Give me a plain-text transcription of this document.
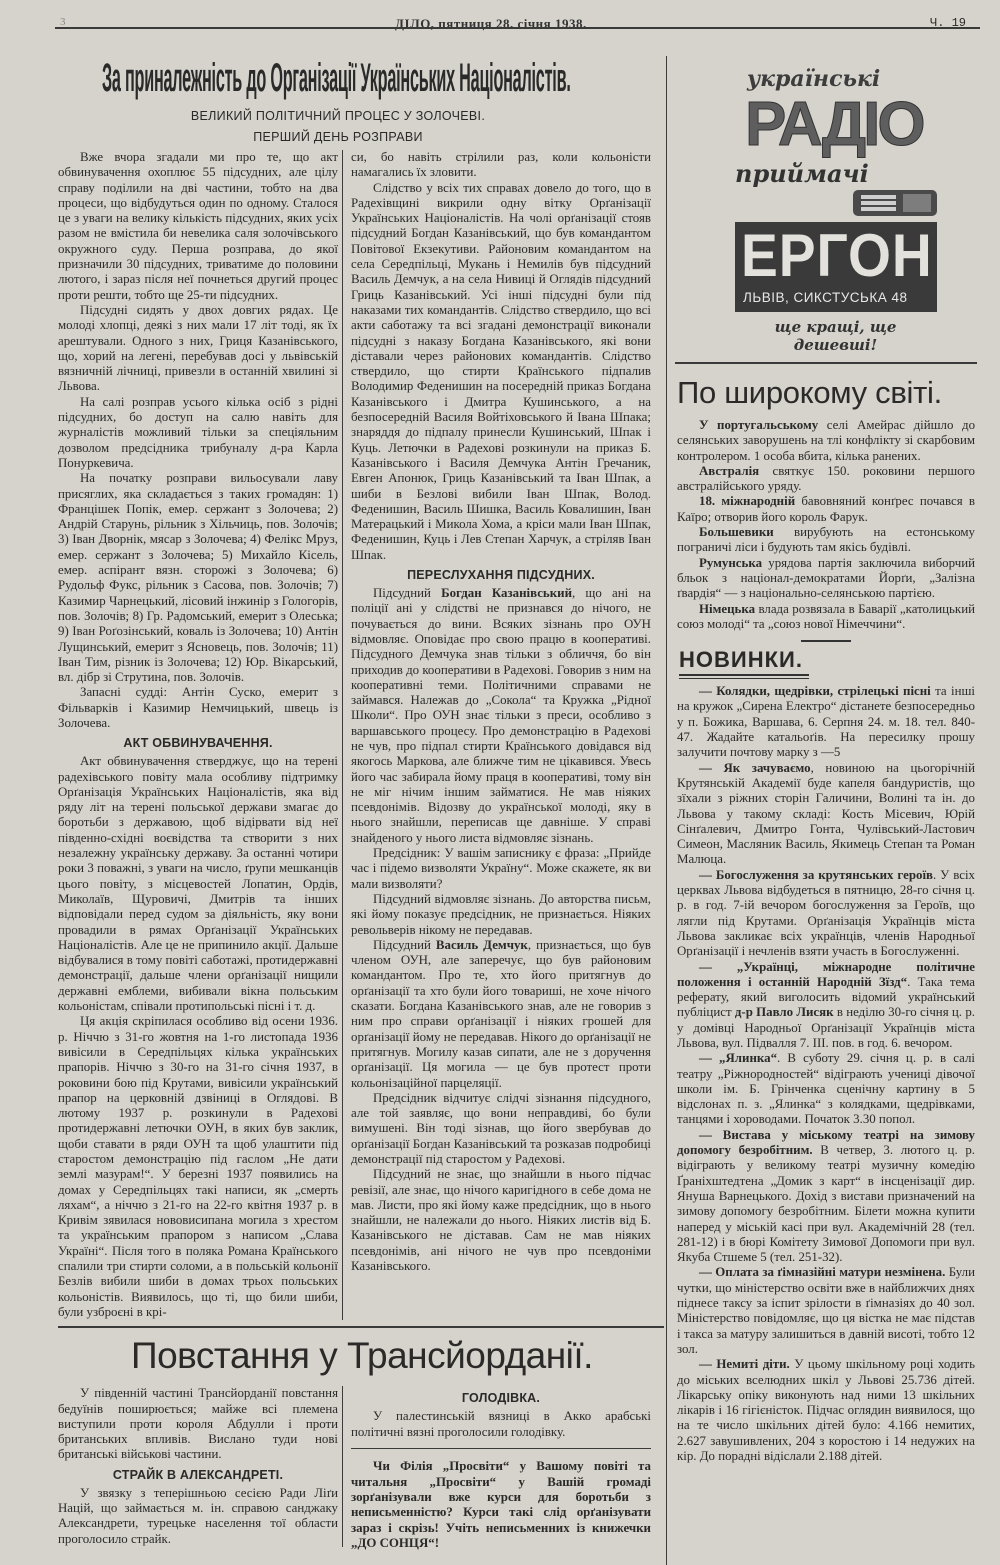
3	ДІЛО, пятниця 28. січня 1938.	Ч. 19
За приналежність до Організації Українських Націоналістів.
ВЕЛИКИЙ ПОЛІТИЧНИЙ ПРОЦЕС У ЗОЛОЧЕВІ.
ПЕРШИЙ ДЕНЬ РОЗПРАВИ

Вже вчора згадали ми про те, що акт обвинувачення охоплює 55 підсудних, але цілу справу поділили на дві частини, тобто на два процеси, що відбудуться один по одному. Сталося це з уваги на велику кількість підсудних, яких усіх разом не вмістила би невелика саля золочівського окружного суду. Перша розправа, до якої призначили 30 підсудних, триватиме до половини лютого, і зараз після неї почнеться другий процес проти решти, тобто ще 25-ти підсудних.

Підсудні сидять у двох довгих рядах. Це молоді хлопці, деякі з них мали 17 літ тоді, як їх арештували. Одного з них, Гриця Казанівського, що, хорий на легені, перебував досі у львівській вязничній лічниці, привезли в останній хвилині зі Львова.

На салі розправ усього кілька осіб з рідні підсудних, бо доступ на салю навіть для журналістів можливий тільки за спеціяльним дозволом предсідника трибуналу д-ра Карла Понуркевича.

На початку розправи вильосували лаву присяглих, яка складається з таких громадян: 1) Францішек Попік, емер. сержант з Золочева; 2) Андрій Старунь, рільник з Хільчиць, пов. Золочів; 3) Іван Дворнік, мясар з Золочева; 4) Фелікс Мруз, емер. сержант з Золочева; 5) Михайло Кісель, емер. аспірант вязн. сторожі з Золочева; 6) Рудольф Фукс, рільник з Сасова, пов. Золочів; 7) Казимир Чарнецький, лісовий інжинір з Гологорів, пов. Золочів; 8) Гр. Радомський, емерит з Олеська; 9) Іван Роґозінський, коваль із Золочева; 10) Антін Лущинський, емерит з Ясновець, пов. Золочів; 11) Іван Тим, різник із Золочева; 12) Юр. Вікарський, вл. дібр зі Струтина, пов. Золочів.

Запасні судді: Антін Суско, емерит з Фільварків і Казимир Немчицький, швець із Золочева.

АКТ ОБВИНУВАЧЕННЯ.

Акт обвинувачення стверджує, що на терені радехівського повіту мала особливу підтримку Орґанізація Українських Націоналістів, яка від ряду літ на терені польської держави змагає до боротьби з державою, щоб відірвати від неї південно-східні воєвідства та створити з них незалежну українську державу. За останні чотири роки 3 поважні, з уваги на число, ґрупи мешканців цього повіту, з місцевостей Лопатин, Ордів, Миколаїв, Щуровичі, Дмитрів та інших відповідали перед судом за діяльність, яку вони провадили в рямах Орґанізації Українських Націоналістів. Але це не припинило акції. Дальше відбувалися в тому повіті саботажі, протидержавні демонстрації, дальше члени орґанізації нищили державні емблеми, вибивали вікна польським кольоністам, співали протипольські пісні і т. д.

Ця акція скріпилася особливо від осени 1936. р. Ніччю з 31-го жовтня на 1-го листопада 1936 вивісили в Середпільцях кілька українських прапорів. Ніччю з 30-го на 31-го січня 1937, в роковини бою під Крутами, вивісили український прапор на церковній дзвіниці в Оглядові. В лютому 1937 р. розкинули в Радехові протидержавні летючки ОУН, в яких був заклик, щоби ставати в ряди ОУН та щоб улаштити під старостом демонстрацію під гаслом „Не дати землі мазурам!“. У березні 1937 появились на домах у Середпільцях такі написи, як „смерть ляхам“, а ніччю з 21-го на 22-го квітня 1937 р. в Кривім зявилася нововисипана могила з хрестом та українським прапором з написом „Слава Україні“. Після того в поляка Романа Країнського спалили три стирти соломи, а в польській кольонії Безлів вибили шиби в домах трьох польських кольоністів. Виявилось, що ті, що били шиби, були узброєні в крі-

си, бо навіть стрілили раз, коли кольоністи намагались їх зловити.

Слідство у всіх тих справах довело до того, що в Радехівщині викрили одну вітку Орґанізації Українських Націоналістів. На чолі орґанізації стояв підсудний Богдан Казанівський, що був командантом Повітової Екзекутиви. Районовим командантом на села Середпільці, Мукань і Немилів був підсудний Василь Демчук, а на села Нивиці й Оглядів підсудний Гриць Казанівський. Усі інші підсудні були під наказами тих командантів. Слідство ствердило, що всі акти саботажу та всі згадані демонстрації виконали підсудні з наказу Богдана Казанівського, які вони діставали через районових командантів. Слідство ствердило, що стирти Країнського підпалив Володимир Феденишин на посередній приказ Богдана Казанівського і Дмитра Кушинського, а на безпосередній Василя Войтіховського й Івана Шпака; знаряддя до підпалу принесли Кушинський, Шпак і Куць. Летючки в Радехові розкинули на приказ Б. Казанівського і Василя Демчука Антін Гречаник, Евген Апонюк, Гриць Казанівський та Іван Шпак, а шиби в Безлові вибили Іван Шпак, Волод. Феденишин, Василь Шишка, Василь Ковалишин, Іван Матерацький і Микола Хома, а кріси мали Іван Шпак, Феденишин, Куць і Лев Степан Харчук, а стріляв Іван Шпак.

ПЕРЕСЛУХАННЯ ПІДСУДНИХ.

Підсудний Богдан Казанівський, що ані на поліції ані у слідстві не признався до нічого, не почувається до вини. Всяких зізнань про ОУН відмовляє. Оповідає про свою працю в кооперативі. Підсудного Демчука знав тільки з обличчя, бо він приходив до кооперативи в Радехові. Говорив з ним на кооперативні теми. Політичними справами не займався. Належав до „Сокола“ та Кружка „Рідної Школи“. Про ОУН знає тільки з преси, особливо з варшавського процесу. Про демонстрацію в Радехові не чув, про підпал стирти Країнського довідався від якогось Маркова, але ближче тим не цікавився. Увесь його час забирала йому праця в кооперативі, тому він не міг нічим іншим займатися. Не мав ніяких псевдонімів. Відозву до української молоді, яку в нього знайшли, переписав ще давніше. У справі знайденого у нього листа відмовляє зізнань.

Предсідник: У вашім записнику є фраза: „Прийде час і підемо визволяти Україну“. Може скажете, як ви мали визволяти?

Підсудний відмовляє зізнань. До авторства письм, які йому показує предсідник, не признається. Ніяких револьверів нікому не передавав.

Підсудний Василь Демчук, признається, що був членом ОУН, але заперечує, що був районовим командантом. Про те, хто його притягнув до орґанізації та хто були його товариші, не хоче нічого сказати. Богдана Казанівського знав, але не говорив з ним про справи орґанізації і ніяких грошей для орґанізації йому не передавав. Нікого до орґанізації не притягнув. Могилу казав сипати, але не з доручення орґанізації. Ця могила — це був протест проти кольонізаційної парцеляції.

Предсідник відчитує слідчі зізнання підсудного, але той заявляє, що вони неправдиві, бо були вимушені. Він тоді зізнав, що його звербував до орґанізації Богдан Казанівський та розказав подробиці демонстрації під старостом у Радехові.

Підсудний не знає, що знайшли в нього підчас ревізії, але знає, що нічого каригідного в себе дома не мав. Листи, про які йому каже предсідник, що в нього знайшли, не належали до нього. Ніяких листів від Б. Казанівського не діставав. Сам не мав ніяких псевдонімів, ані нічого не чув про псевдоніми Казанівського.

Повстання у Трансйорданії.

У південній частині Трансйорданії повстання бедуїнів поширюється; майже всі племена виступили проти короля Абдулли і проти британських впливів. Вислано туди нові британські військові частини.

СТРАЙК В АЛЕКСАНДРЕТІ.

У звязку з теперішньою сесією Ради Ліґи Націй, що займається м. ін. справою санджаку Александрети, турецьке населення тої области проголосило страйк.

ГОЛОДІВКА.

У палестинській вязниці в Акко арабські політичні вязні проголосили голодівку.

Чи Філія „Просвіти“ у Вашому повіті та читальня „Просвіти“ у Вашій громаді зорґанізували вже курси для боротьби з неписьменністю? Курси такі слід орґанізувати зараз і скрізь! Учіть неписьменних із книжечки „ДО СОНЦЯ“!

українські
РАДІО
приймачі
ЕРГОН
ЛЬВІВ, СИКСТУСЬКА 48
ще кращі, ще дешевші!
По широкому світі.

У португальському селі Амейрас дійшло до селянських заворушень на тлі конфлікту зі скарбовим контролером. 1 особа вбита, кілька ранених.

Австралія святкує 150. роковини першого австралійського уряду.

18. міжнародній бавовняний конґрес почався в Каїро; отворив його король Фарук.

Большевики вирубують на естонському пограничі ліси і будують там якісь будівлі.

Румунська урядова партія заключила виборчий бльок з націонал-демократами Йорґи, „Залізна ґвардія“ — з національно-селянською партією.

Німецька влада розвязала в Баварії „католицький союз молоді“ та „союз нової Німеччини“.

НОВИНКИ.

— Колядки, щедрівки, стрілецькі пісні та інші на кружок „Сирена Електро“ дістанете безпосередньо у п. Божика, Варшава, 6. Серпня 24. м. 18. тел. 840-47. Жадайте катальоґів. На пересилку прошу залучити почтову марку з —5

— Як зачуваємо, новиною на цьогорічній Крутянській Академії буде капеля бандуристів, що зїхали з ріжних сторін Галичини, Волині та ін. до Львова у такому складі: Кость Місевич, Юрій Сінґалевич, Дмитро Гонта, Чулівський-Ластович Симеон, Масляник Василь, Якимець Степан та Роман Малюца.

— Богослуження за крутянських героїв. У всіх церквах Львова відбудеться в пятницю, 28-го січня ц. р. в год. 7-ій вечором богослуження за Героїв, що лягли під Крутами. Орґанізація Українців міста Львова закликає всіх українців, членів Народньої Орґанізації і нечленів взяти участь в Богослуженні.

— „Українці, міжнародне політичне положення і останній Народній Зїзд“. Така тема реферату, який виголосить відомий український публіцист д-р Павло Лисяк в неділю 30-го січня ц. р. у домівці Народньої Орґанізації Українців міста Львова, вул. Підвалля 7. III. пов. в год. 6. вечором.

— „Ялинка“. В суботу 29. січня ц. р. в салі театру „Ріжнородностей“ відіграють учениці дівочої школи ім. Б. Грінченка сценічну картину в 5 відслонах п. з. „Ялинка“ з колядками, щедрівками, танцями і хороводами. Початок 3.30 попол.

— Вистава у міському театрі на зимову допомогу безробітним. В четвер, 3. лютого ц. р. відіграють у великому театрі музичну комедію Ґраніхштедтена „Домик з карт“ в інсценізації дир. Януша Варнецького. Дохід з вистави призначений на зимову допомогу безробітним. Білети можна купити наперед у міській касі при вул. Академічній 28 (тел. 281-12) і в бюрі Комітету Зимової Допомоги при вул. Якуба Стшеме 5 (тел. 251-32).

— Оплата за ґімназійні матури незмінена. Були чутки, що міністерство освіти вже в найближчих днях піднесе таксу за іспит зрілости в ґімназіях до 40 зол. Міністерство повідомляє, що ця вістка не має підстав і такса за матуру залишиться в давній висоті, тобто 12 зол.

— Немиті діти. У цьому шкільному році ходить до міських вселюдних шкіл у Львові 25.736 дітей. Лікарську опіку виконують над ними 13 шкільних лікарів і 16 гігієністок. Підчас оглядин виявилося, що на те число шкільних дітей було: 4.166 немитих, 2.627 завушивлених, 204 з коростою і 14 недужих на кір. До порадні відіслали 2.188 дітей.
